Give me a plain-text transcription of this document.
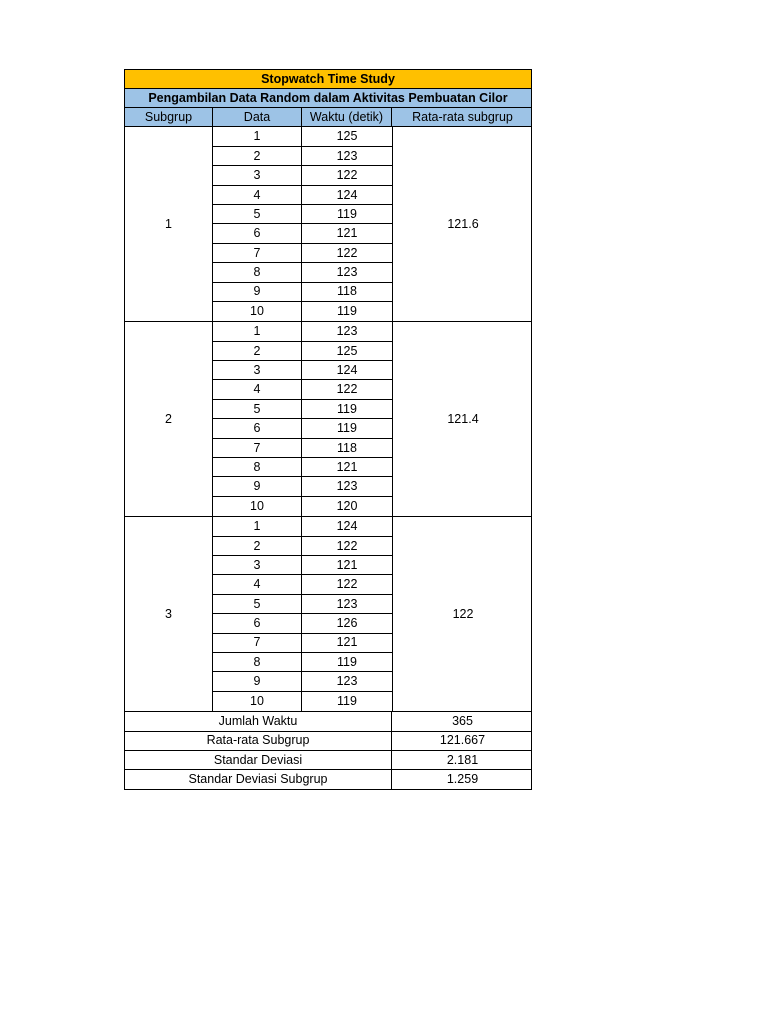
Stopwatch Time Study
Pengambilan Data Random dalam Aktivitas Pembuatan Cilor
Subgrup	Data	Waktu (detik)	Rata-rata subgrup
1
1	125
2	123
3	122
4	124
5	119
6	121
7	122
8	123
9	118
10	119
121.6
2
1	123
2	125
3	124
4	122
5	119
6	119
7	118
8	121
9	123
10	120
121.4
3
1	124
2	122
3	121
4	122
5	123
6	126
7	121
8	119
9	123
10	119
122
Jumlah Waktu	365
Rata-rata Subgrup	121.667
Standar Deviasi	2.181
Standar Deviasi Subgrup	1.259
